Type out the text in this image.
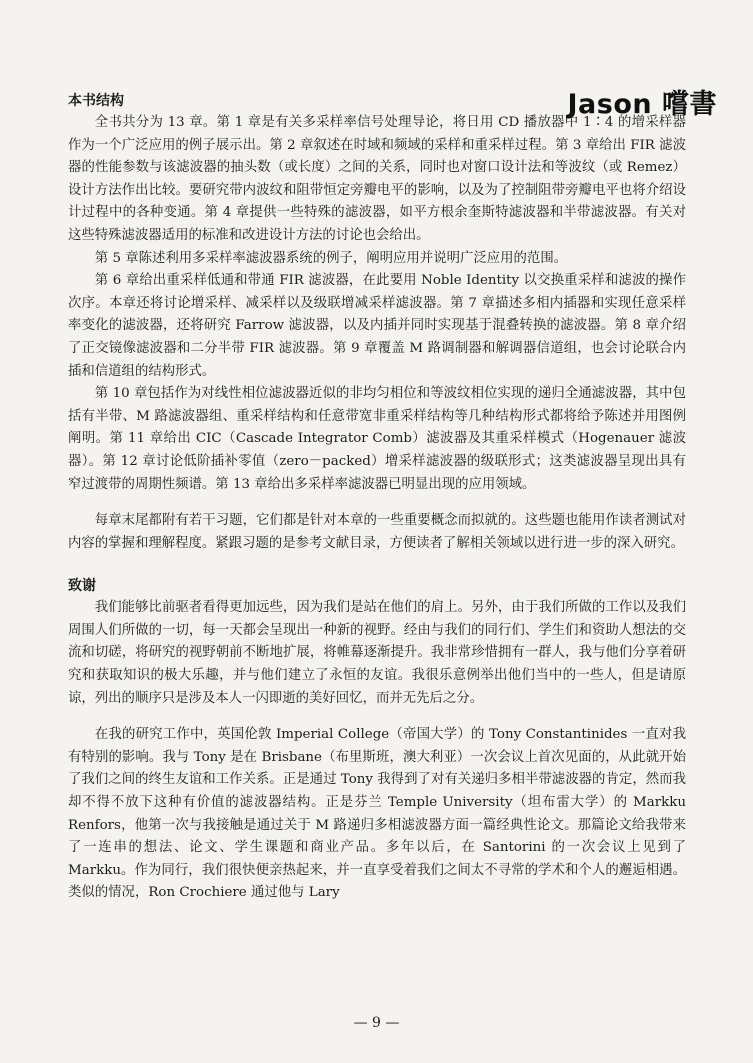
Jason 嚐書
本书结构

全书共分为 13 章。第 1 章是有关多采样率信号处理导论，将日用 CD 播放器中 1∶4 的增采样器作为一个广泛应用的例子展示出。第 2 章叙述在时域和频域的采样和重采样过程。第 3 章给出 FIR 滤波器的性能参数与该滤波器的抽头数（或长度）之间的关系，同时也对窗口设计法和等波纹（或 Remez）设计方法作出比较。要研究带内波纹和阻带恒定旁瓣电平的影响，以及为了控制阻带旁瓣电平也将介绍设计过程中的各种变通。第 4 章提供一些特殊的滤波器，如平方根余奎斯特滤波器和半带滤波器。有关对这些特殊滤波器适用的标准和改进设计方法的讨论也会给出。

第 5 章陈述利用多采样率滤波器系统的例子，阐明应用并说明广泛应用的范围。

第 6 章给出重采样低通和带通 FIR 滤波器，在此要用 Noble Identity 以交换重采样和滤波的操作次序。本章还将讨论增采样、减采样以及级联增减采样滤波器。第 7 章描述多相内插器和实现任意采样率变化的滤波器，还将研究 Farrow 滤波器，以及内插并同时实现基于混叠转换的滤波器。第 8 章介绍了正交镜像滤波器和二分半带 FIR 滤波器。第 9 章覆盖 M 路调制器和解调器信道组，也会讨论联合内插和信道组的结构形式。

第 10 章包括作为对线性相位滤波器近似的非均匀相位和等波纹相位实现的递归全通滤波器，其中包括有半带、M 路滤波器组、重采样结构和任意带宽非重采样结构等几种结构形式都将给予陈述并用图例阐明。第 11 章给出 CIC（Cascade Integrator Comb）滤波器及其重采样模式（Hogenauer 滤波器）。第 12 章讨论低阶插补零值（zero－packed）增采样滤波器的级联形式；这类滤波器呈现出具有窄过渡带的周期性频谱。第 13 章给出多采样率滤波器已明显出现的应用领域。

每章末尾都附有若干习题，它们都是针对本章的一些重要概念而拟就的。这些题也能用作读者测试对内容的掌握和理解程度。紧跟习题的是参考文献目录，方便读者了解相关领域以进行进一步的深入研究。

致谢

我们能够比前驱者看得更加远些，因为我们是站在他们的肩上。另外，由于我们所做的工作以及我们周围人们所做的一切，每一天都会呈现出一种新的视野。经由与我们的同行们、学生们和资助人想法的交流和切磋，将研究的视野朝前不断地扩展，将帷幕逐渐提升。我非常珍惜拥有一群人，我与他们分享着研究和获取知识的极大乐趣，并与他们建立了永恒的友谊。我很乐意例举出他们当中的一些人，但是请原谅，列出的顺序只是涉及本人一闪即逝的美好回忆，而并无先后之分。

在我的研究工作中，英国伦敦 Imperial College（帝国大学）的 Tony Constantinides 一直对我有特别的影响。我与 Tony 是在 Brisbane（布里斯班，澳大利亚）一次会议上首次见面的，从此就开始了我们之间的终生友谊和工作关系。正是通过 Tony 我得到了对有关递归多相半带滤波器的肯定，然而我却不得不放下这种有价值的滤波器结构。正是芬兰 Temple University（坦布雷大学）的 Markku Renfors，他第一次与我接触是通过关于 M 路递归多相滤波器方面一篇经典性论文。那篇论文给我带来了一连串的想法、论文、学生课题和商业产品。多年以后，在 Santorini 的一次会议上见到了 Markku。作为同行，我们很快便亲热起来，并一直享受着我们之间太不寻常的学术和个人的邂逅相遇。类似的情况，Ron Crochiere 通过他与 Lary

— 9 —
